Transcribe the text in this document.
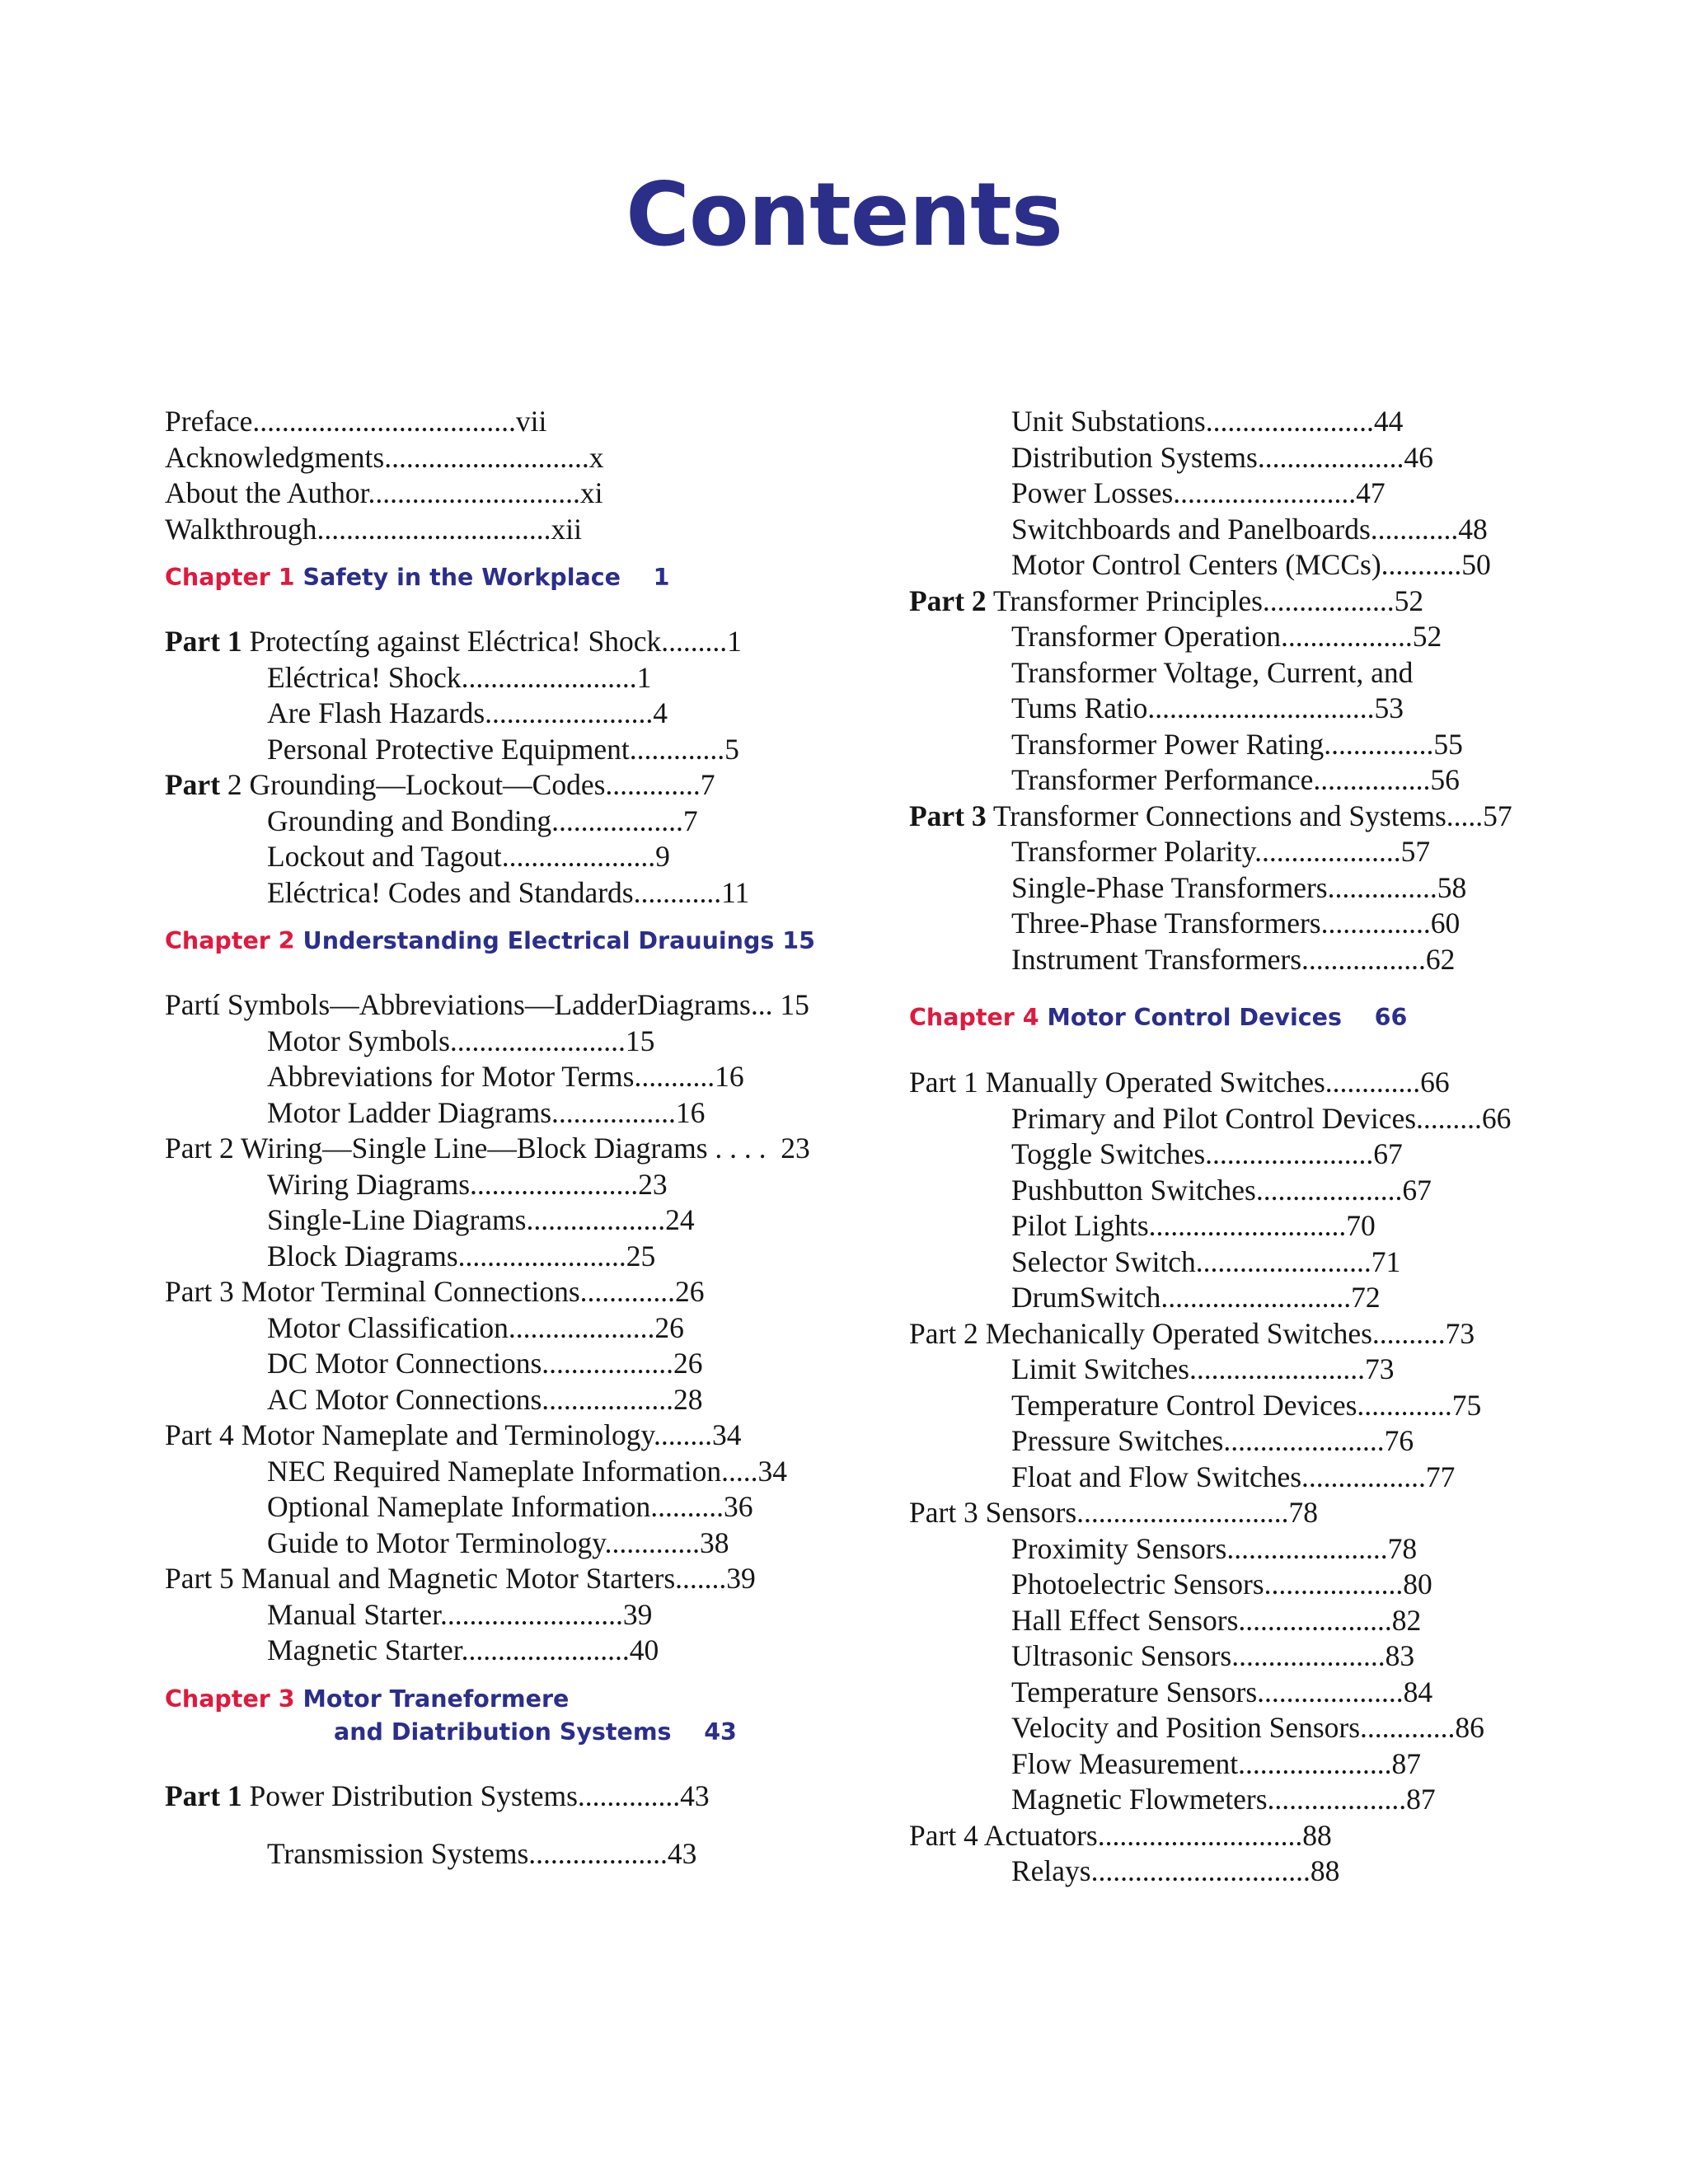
Contents
Preface....................................vii
Acknowledgments............................x
About the Author.............................xi
Walkthrough................................xii
Chapter 1 Safety in the Workplace 1
Part 1 Protectíng against Eléctrica! Shock.........1
Eléctrica! Shock........................1
Are Flash Hazards.......................4
Personal Protective Equipment.............5
Part 2 Grounding—Lockout—Codes.............7
Grounding and Bonding..................7
Lockout and Tagout.....................9
Eléctrica! Codes and Standards............11
Chapter 2 Understanding Electrical Drauuings 15
Partí Symbols—Abbreviations—LadderDiagrams... 15
Motor Symbols........................15
Abbreviations for Motor Terms...........16
Motor Ladder Diagrams.................16
Part 2 Wiring—Single Line—Block Diagrams . . . .  23
Wiring Diagrams.......................23
Single-Line Diagrams...................24
Block Diagrams.......................25
Part 3 Motor Terminal Connections.............26
Motor Classification....................26
DC Motor Connections..................26
AC Motor Connections..................28
Part 4 Motor Nameplate and Terminology........34
NEC Required Nameplate Information.....34
Optional Nameplate Information..........36
Guide to Motor Terminology.............38
Part 5 Manual and Magnetic Motor Starters.......39
Manual Starter.........................39
Magnetic Starter.......................40
Chapter 3 Motor Traneformere
and Diatribution Systems 43
Part 1 Power Distribution Systems..............43
Transmission Systems...................43
Unit Substations.......................44
Distribution Systems....................46
Power Losses.........................47
Switchboards and Panelboards............48
Motor Control Centers (MCCs)...........50
Part 2 Transformer Principles..................52
Transformer Operation..................52
Transformer Voltage, Current, and
Tums Ratio...............................53
Transformer Power Rating...............55
Transformer Performance................56
Part 3 Transformer Connections and Systems.....57
Transformer Polarity....................57
Single-Phase Transformers...............58
Three-Phase Transformers...............60
Instrument Transformers.................62
Chapter 4 Motor Control Devices 66
Part 1 Manually Operated Switches.............66
Primary and Pilot Control Devices.........66
Toggle Switches.......................67
Pushbutton Switches....................67
Pilot Lights...........................70
Selector Switch........................71
DrumSwitch..........................72
Part 2 Mechanically Operated Switches..........73
Limit Switches........................73
Temperature Control Devices.............75
Pressure Switches......................76
Float and Flow Switches.................77
Part 3 Sensors.............................78
Proximity Sensors......................78
Photoelectric Sensors...................80
Hall Effect Sensors.....................82
Ultrasonic Sensors.....................83
Temperature Sensors....................84
Velocity and Position Sensors.............86
Flow Measurement.....................87
Magnetic Flowmeters...................87
Part 4 Actuators............................88
Relays..............................88
